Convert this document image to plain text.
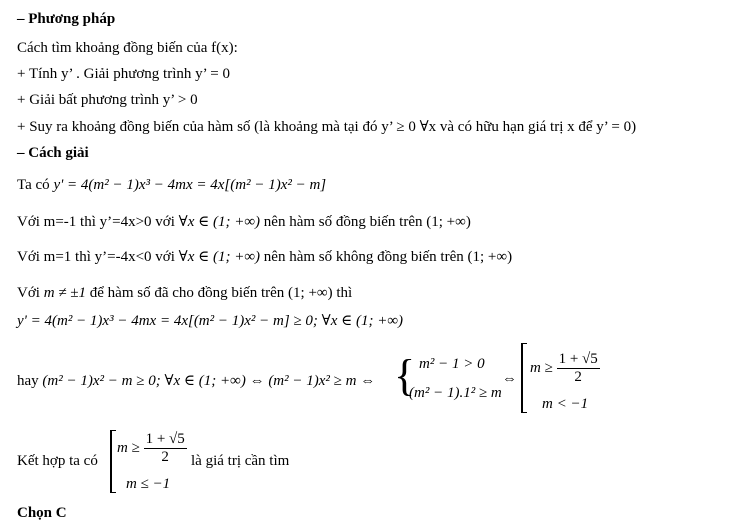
– Phương pháp
Cách tìm khoảng đồng biến của f(x):
+ Tính y’ . Giải phương trình y’ = 0
+ Giải bất phương trình y’ > 0
+ Suy ra khoảng đồng biến của hàm số (là khoảng mà tại đó y’ ≥ 0 ∀x và có hữu hạn giá trị x để y’ = 0)
– Cách giải
Ta có y' = 4(m² − 1)x³ − 4mx = 4x[(m² − 1)x² − m]
Với m=-1 thì y’=4x>0 với ∀x ∈ (1; +∞) nên hàm số đồng biến trên (1; +∞)
Với m=1 thì y’=-4x<0 với ∀x ∈ (1; +∞) nên hàm số không đồng biến trên (1; +∞)
Với m ≠ ±1 để hàm số đã cho đồng biến trên (1; +∞) thì
y' = 4(m² − 1)x³ − 4mx = 4x[(m² − 1)x² − m] ≥ 0; ∀x ∈ (1; +∞)
hay (m² − 1)x² − m ≥ 0; ∀x ∈ (1; +∞) ⇔ (m² − 1)x² ≥ m ⇔ { m² − 1 > 0
(m² − 1).1² ≥ m
⇔
$m \ge \frac{1 + √5}{2}$
m < −1
Kết hợp ta có
$m \ge \frac{1 + √5}{2}$
m ≤ −1
là giá trị cần tìm
Chọn C
